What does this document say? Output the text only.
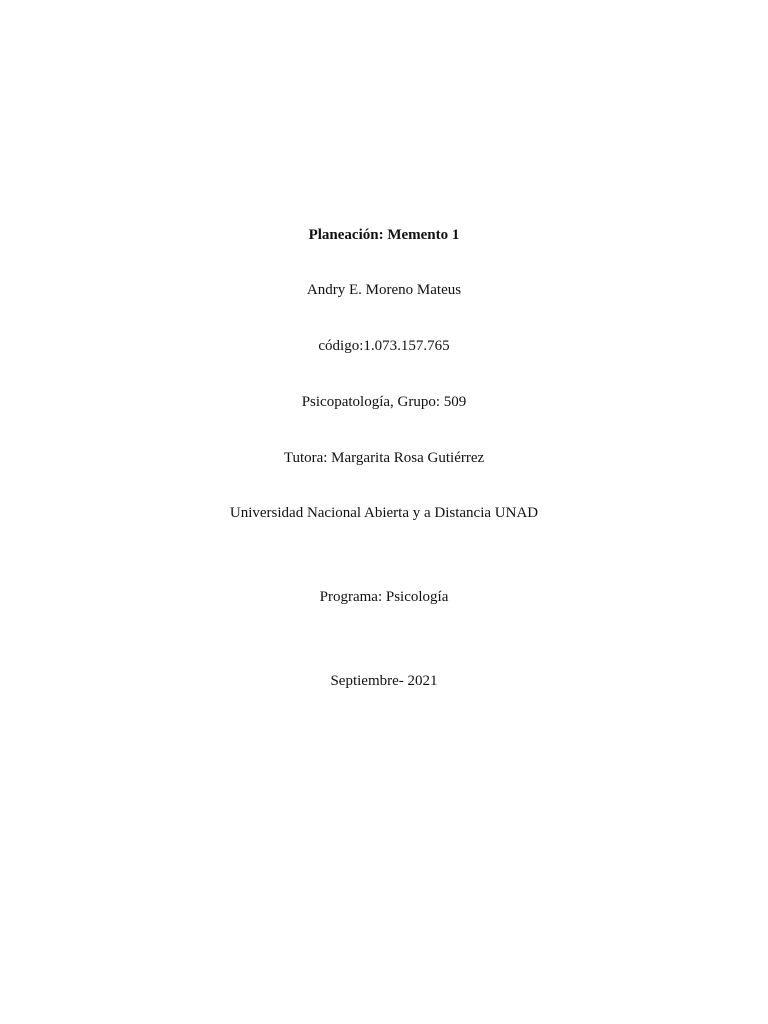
Planeación: Memento 1
Andry E. Moreno Mateus
código:1.073.157.765
Psicopatología, Grupo: 509
Tutora: Margarita Rosa Gutiérrez
Universidad Nacional Abierta y a Distancia UNAD
Programa: Psicología
Septiembre- 2021
